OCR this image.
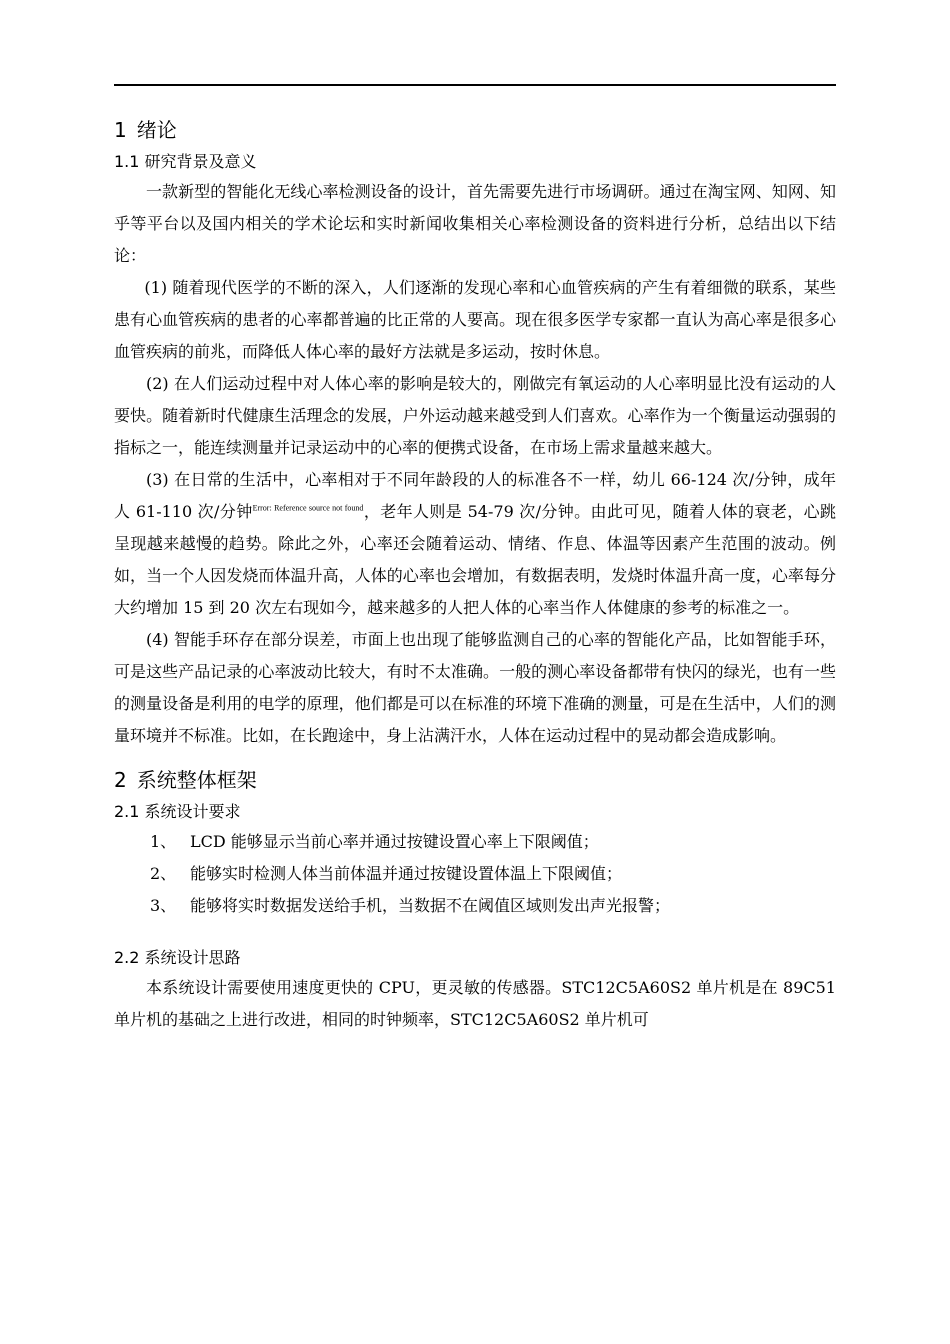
1 绪论
1.1 研究背景及意义

一款新型的智能化无线心率检测设备的设计，首先需要先进行市场调研。通过在淘宝网、知网、知乎等平台以及国内相关的学术论坛和实时新闻收集相关心率检测设备的资料进行分析，总结出以下结论：

(1) 随着现代医学的不断的深入，人们逐渐的发现心率和心血管疾病的产生有着细微的联系，某些患有心血管疾病的患者的心率都普遍的比正常的人要高。现在很多医学专家都一直认为高心率是很多心血管疾病的前兆，而降低人体心率的最好方法就是多运动，按时休息。

(2) 在人们运动过程中对人体心率的影响是较大的，刚做完有氧运动的人心率明显比没有运动的人要快。随着新时代健康生活理念的发展，户外运动越来越受到人们喜欢。心率作为一个衡量运动强弱的指标之一，能连续测量并记录运动中的心率的便携式设备，在市场上需求量越来越大。

(3) 在日常的生活中，心率相对于不同年龄段的人的标准各不一样，幼儿 66-124 次/分钟，成年人 61-110 次/分钟$^{Error: Reference source not found}$，老年人则是 54-79 次/分钟。由此可见，随着人体的衰老，心跳呈现越来越慢的趋势。除此之外，心率还会随着运动、情绪、作息、体温等因素产生范围的波动。例如，当一个人因发烧而体温升高，人体的心率也会增加，有数据表明，发烧时体温升高一度，心率每分大约增加 15 到 20 次左右现如今，越来越多的人把人体的心率当作人体健康的参考的标准之一。

(4) 智能手环存在部分误差，市面上也出现了能够监测自己的心率的智能化产品，比如智能手环，可是这些产品记录的心率波动比较大，有时不太准确。一般的测心率设备都带有快闪的绿光，也有一些的测量设备是利用的电学的原理，他们都是可以在标准的环境下准确的测量，可是在生活中，人们的测量环境并不标准。比如，在长跑途中，身上沾满汗水，人体在运动过程中的晃动都会造成影响。

2 系统整体框架
2.1 系统设计要求
1、 LCD 能够显示当前心率并通过按键设置心率上下限阈值；
2、 能够实时检测人体当前体温并通过按键设置体温上下限阈值；
3、 能够将实时数据发送给手机，当数据不在阈值区域则发出声光报警；
2.2 系统设计思路

本系统设计需要使用速度更快的 CPU，更灵敏的传感器。STC12C5A60S2 单片机是在 89C51 单片机的基础之上进行改进，相同的时钟频率，STC12C5A60S2 单片机可
